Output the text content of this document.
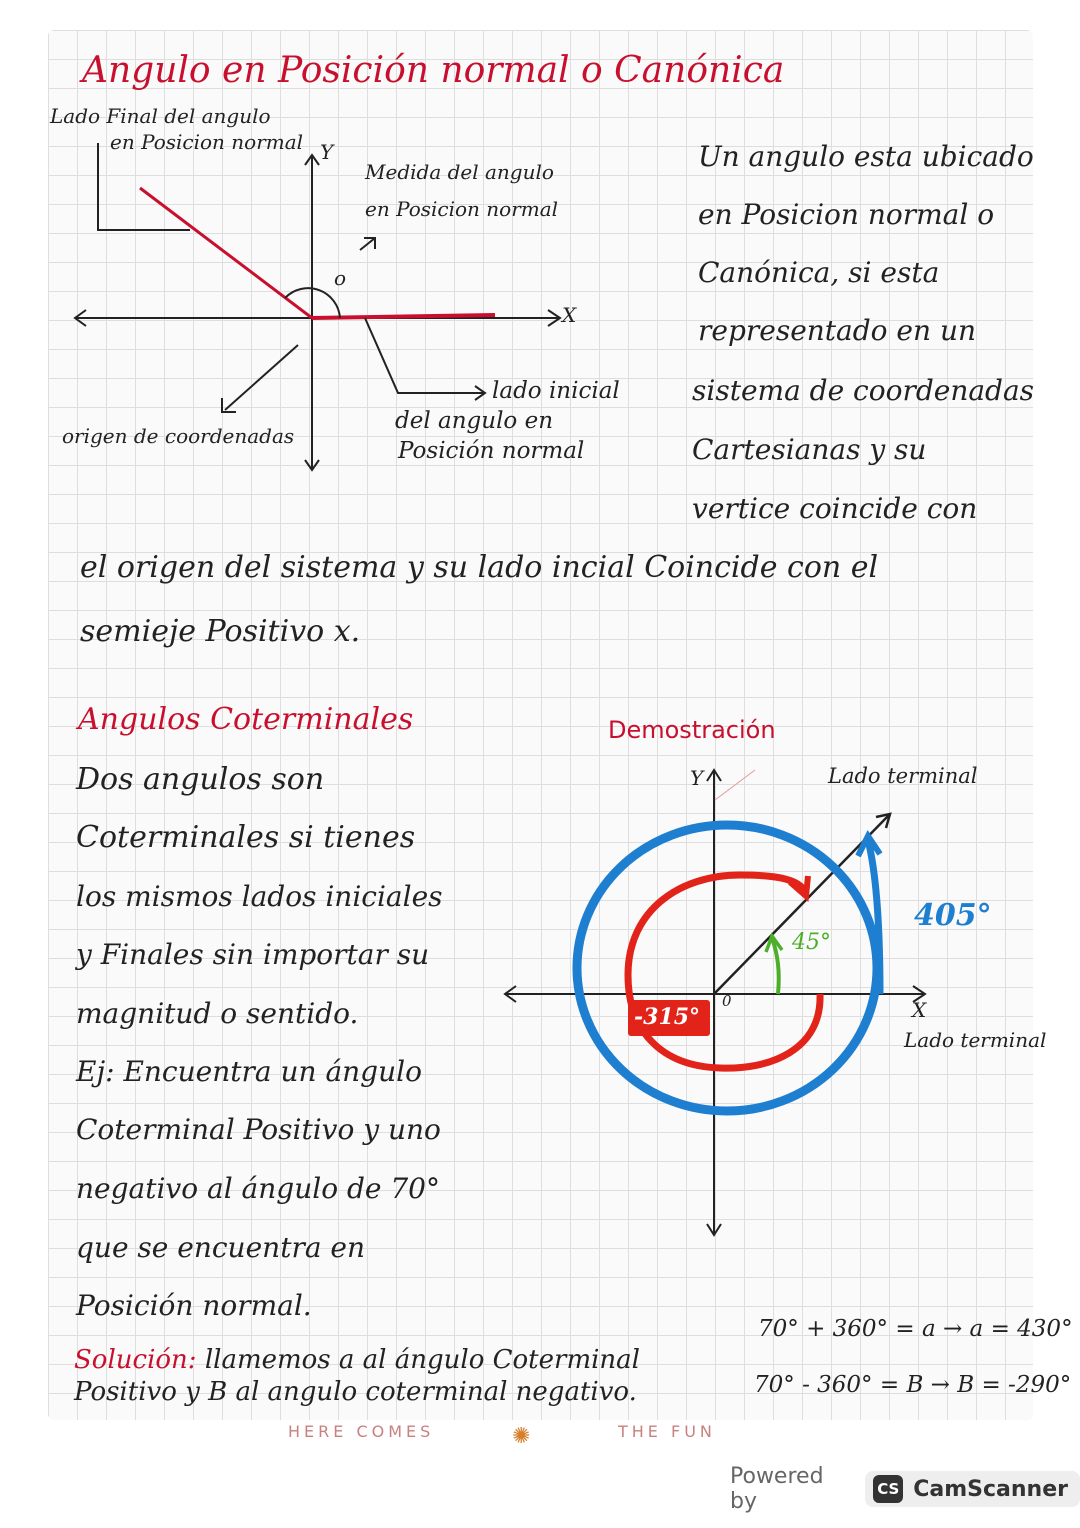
Angulo en Posición normal o Canónica
Lado Final del angulo
en Posicion normal Y
X
Medida del angulo
en Posicion normal
o
origen de coordenadas
lado inicial
del angulo en
Posición normal
Un angulo esta ubicado
en Posicion normal o
Canónica, si esta
representado en un
sistema de coordenadas
Cartesianas y su
vertice coincide con
el origen del sistema y su lado incial Coincide con el
semieje Positivo x.
Angulos Coterminales
Dos angulos son
Coterminales si tienes
los mismos lados iniciales
y Finales sin importar su
magnitud o sentido.
Ej: Encuentra un ángulo
Coterminal Positivo y uno
negativo al ángulo de 70°
que se encuentra en
Posición normal.
Solución: llamemos a al ángulo Coterminal
Positivo y B al angulo coterminal negativo.
70° + 360° = a → a = 430°
70° - 360° = B → B = -290°
Demostración
Y
X
0
Lado terminal
Lado terminal
405°
45°
-315°
HERE COMES	✺	THE FUN
Powered by	CS CamScanner
